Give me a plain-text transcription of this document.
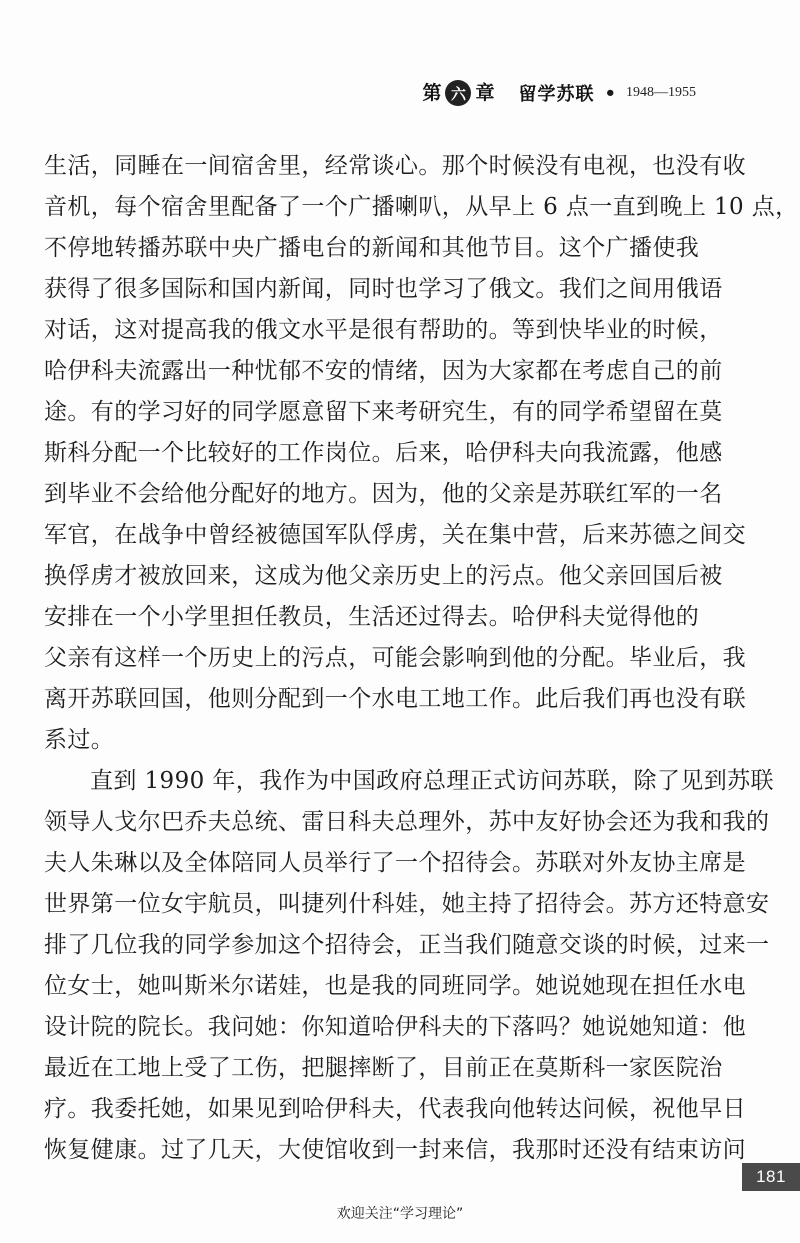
第 六 章 留学苏联 • 1948—1955
生活，同睡在一间宿舍里，经常谈心。那个时候没有电视，也没有收
音机，每个宿舍里配备了一个广播喇叭，从早上 6 点一直到晚上 10 点，
不停地转播苏联中央广播电台的新闻和其他节目。这个广播使我
获得了很多国际和国内新闻，同时也学习了俄文。我们之间用俄语
对话，这对提高我的俄文水平是很有帮助的。等到快毕业的时候，
哈伊科夫流露出一种忧郁不安的情绪，因为大家都在考虑自己的前
途。有的学习好的同学愿意留下来考研究生，有的同学希望留在莫
斯科分配一个比较好的工作岗位。后来，哈伊科夫向我流露，他感
到毕业不会给他分配好的地方。因为，他的父亲是苏联红军的一名
军官，在战争中曾经被德国军队俘虏，关在集中营，后来苏德之间交
换俘虏才被放回来，这成为他父亲历史上的污点。他父亲回国后被
安排在一个小学里担任教员，生活还过得去。哈伊科夫觉得他的
父亲有这样一个历史上的污点，可能会影响到他的分配。毕业后，我
离开苏联回国，他则分配到一个水电工地工作。此后我们再也没有联
系过。
直到 1990 年，我作为中国政府总理正式访问苏联，除了见到苏联
领导人戈尔巴乔夫总统、雷日科夫总理外，苏中友好协会还为我和我的
夫人朱琳以及全体陪同人员举行了一个招待会。苏联对外友协主席是
世界第一位女宇航员，叫捷列什科娃，她主持了招待会。苏方还特意安
排了几位我的同学参加这个招待会，正当我们随意交谈的时候，过来一
位女士，她叫斯米尔诺娃，也是我的同班同学。她说她现在担任水电
设计院的院长。我问她：你知道哈伊科夫的下落吗？她说她知道：他
最近在工地上受了工伤，把腿摔断了，目前正在莫斯科一家医院治
疗。我委托她，如果见到哈伊科夫，代表我向他转达问候，祝他早日
恢复健康。过了几天，大使馆收到一封来信，我那时还没有结束访问
181
欢迎关注“学习理论”
